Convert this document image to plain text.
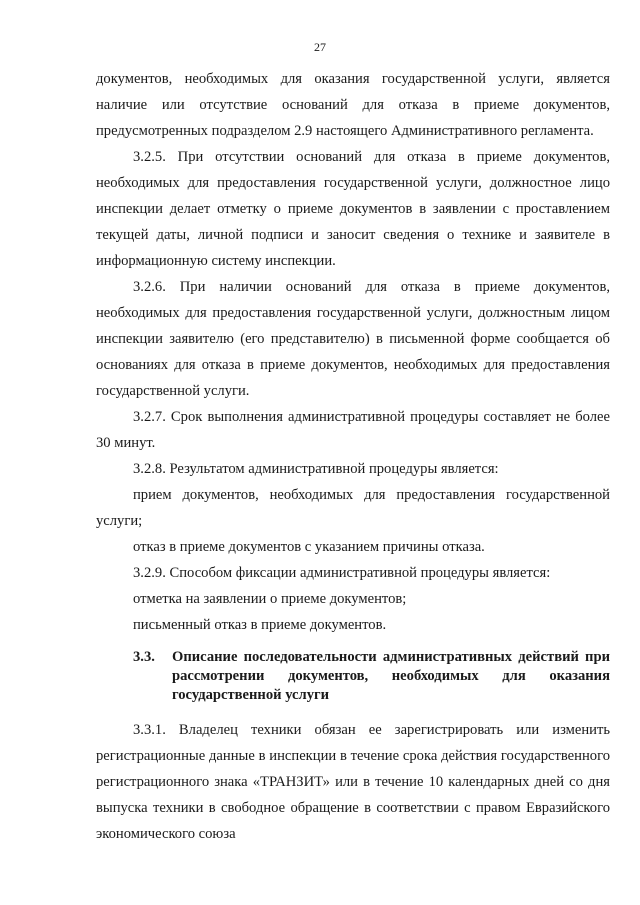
27

документов, необходимых для оказания государственной услуги, является наличие или отсутствие оснований для отказа в приеме документов, предусмотренных подразделом 2.9 настоящего Административного регламента.

3.2.5. При отсутствии оснований для отказа в приеме документов, необходимых для предоставления государственной услуги, должностное лицо инспекции делает отметку о приеме документов в заявлении с проставлением текущей даты, личной подписи и заносит сведения о технике и заявителе в информационную систему инспекции.

3.2.6. При наличии оснований для отказа в приеме документов, необходимых для предоставления государственной услуги, должностным лицом инспекции заявителю (его представителю) в письменной форме сообщается об основаниях для отказа в приеме документов, необходимых для предоставления государственной услуги.

3.2.7. Срок выполнения административной процедуры составляет не более 30 минут.

3.2.8. Результатом административной процедуры является:

прием документов, необходимых для предоставления государственной услуги;

отказ в приеме документов с указанием причины отказа.

3.2.9. Способом фиксации административной процедуры является:

отметка на заявлении о приеме документов;

письменный отказ в приеме документов.

3.3.	Описание последовательности административных действий при рассмотрении документов, необходимых для оказания государственной услуги

3.3.1. Владелец техники обязан ее зарегистрировать или изменить регистрационные данные в инспекции в течение срока действия государственного регистрационного знака «ТРАНЗИТ» или в течение 10 календарных дней со дня выпуска техники в свободное обращение в соответствии с правом Евразийского экономического союза
